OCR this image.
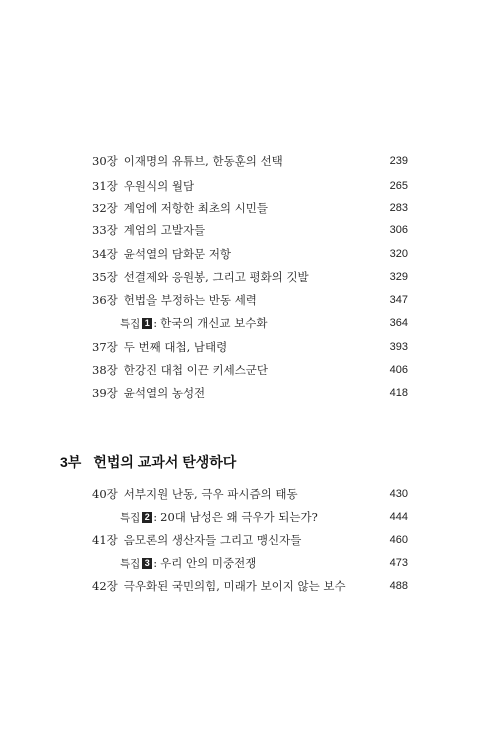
30장 이재명의 유튜브, 한동훈의 선택	239
31장 우원식의 월담	265
32장 계엄에 저항한 최초의 시민들	283
33장 계엄의 고발자들	306
34장 윤석열의 담화문 저항	320
35장 선결제와 응원봉, 그리고 평화의 깃발	329
36장 헌법을 부정하는 반동 세력	347
특집 1 : 한국의 개신교 보수화	364
37장 두 번째 대첩, 남태령	393
38장 한강진 대첩 이끈 키세스군단	406
39장 윤석열의 농성전	418
3부 헌법의 교과서 탄생하다
40장 서부지원 난동, 극우 파시즘의 태동	430
특집 2 : 20대 남성은 왜 극우가 되는가?	444
41장 음모론의 생산자들 그리고 맹신자들	460
특집 3 : 우리 안의 미중전쟁	473
42장 극우화된 국민의힘, 미래가 보이지 않는 보수	488
